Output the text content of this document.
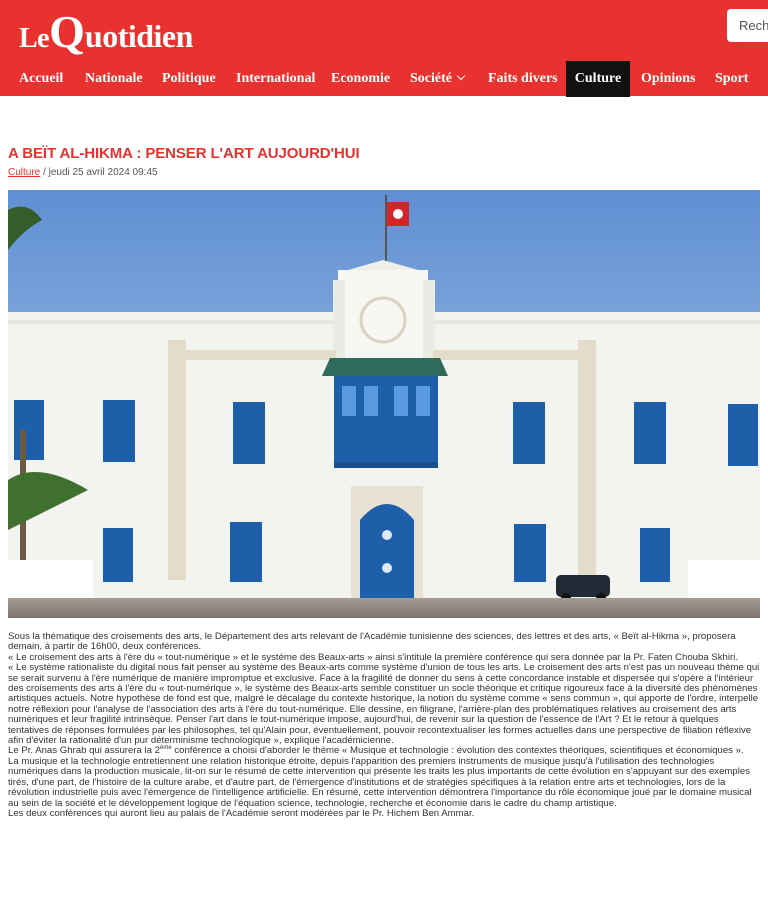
LeQuotidien
Recherche...
Accueil Nationale Politique International Economie Société	Faits divers	Culture	Opinions Sport
A BEÏT AL-HIKMA : PENSER L'ART AUJOURD'HUI
Culture / jeudi 25 avril 2024 09:45

Sous la thématique des croisements des arts, le Département des arts relevant de l'Académie tunisienne des sciences, des lettres et des arts, « Beït al-Hikma », proposera demain, à partir de 16h00, deux conférences.

« Le croisement des arts à l'ère du « tout-numérique » et le système des Beaux-arts » ainsi s'intitule la première conférence qui sera donnée par la Pr. Faten Chouba Skhiri.

« Le système rationaliste du digital nous fait penser au système des Beaux-arts comme système d'union de tous les arts. Le croisement des arts n'est pas un nouveau thème qui se serait survenu à l'ère numérique de manière impromptue et exclusive. Face à la fragilité de donner du sens à cette concordance instable et dispersée qui s'opère à l'intérieur des croisements des arts à l'ère du « tout-numérique », le système des Beaux-arts semble constituer un socle théorique et critique rigoureux face à la diversité des phénomènes artistiques actuels. Notre hypothèse de fond est que, malgré le décalage du contexte historique, la notion du système comme « sens commun », qui apporte de l'ordre, interpelle notre réflexion pour l'analyse de l'association des arts à l'ère du tout-numérique. Elle dessine, en filigrane, l'arrière-plan des problématiques relatives au croisement des arts numériques et leur fragilité intrinsèque. Penser l'art dans le tout-numérique impose, aujourd'hui, de revenir sur la question de l'essence de l'Art ? Et le retour à quelques tentatives de réponses formulées par les philosophes, tel qu'Alain pour, éventuellement, pouvoir recontextualiser les formes actuelles dans une perspective de filiation réflexive afin d'éviter la rationalité d'un pur déterminisme technologique », explique l'académicienne.

Le Pr. Anas Ghrab qui assurera la 2ème conférence a choisi d'aborder le thème « Musique et technologie : évolution des contextes théoriques, scientifiques et économiques ».

La musique et la technologie entretiennent une relation historique étroite, depuis l'apparition des premiers instruments de musique jusqu'à l'utilisation des technologies numériques dans la production musicale, lit-on sur le résumé de cette intervention qui présente les traits les plus importants de cette évolution en s'appuyant sur des exemples tirés, d'une part, de l'histoire de la culture arabe, et d'autre part, de l'émergence d'institutions et de stratégies spécifiques à la relation entre arts et technologies, lors de la révolution industrielle puis avec l'émergence de l'intelligence artificielle. En résumé, cette intervention démontrera l'importance du rôle économique joué par le domaine musical au sein de la société et le développement logique de l'équation science, technologie, recherche et économie dans le cadre du champ artistique.

Les deux conférences qui auront lieu au palais de l'Académie seront modérées par le Pr. Hichem Ben Ammar.
